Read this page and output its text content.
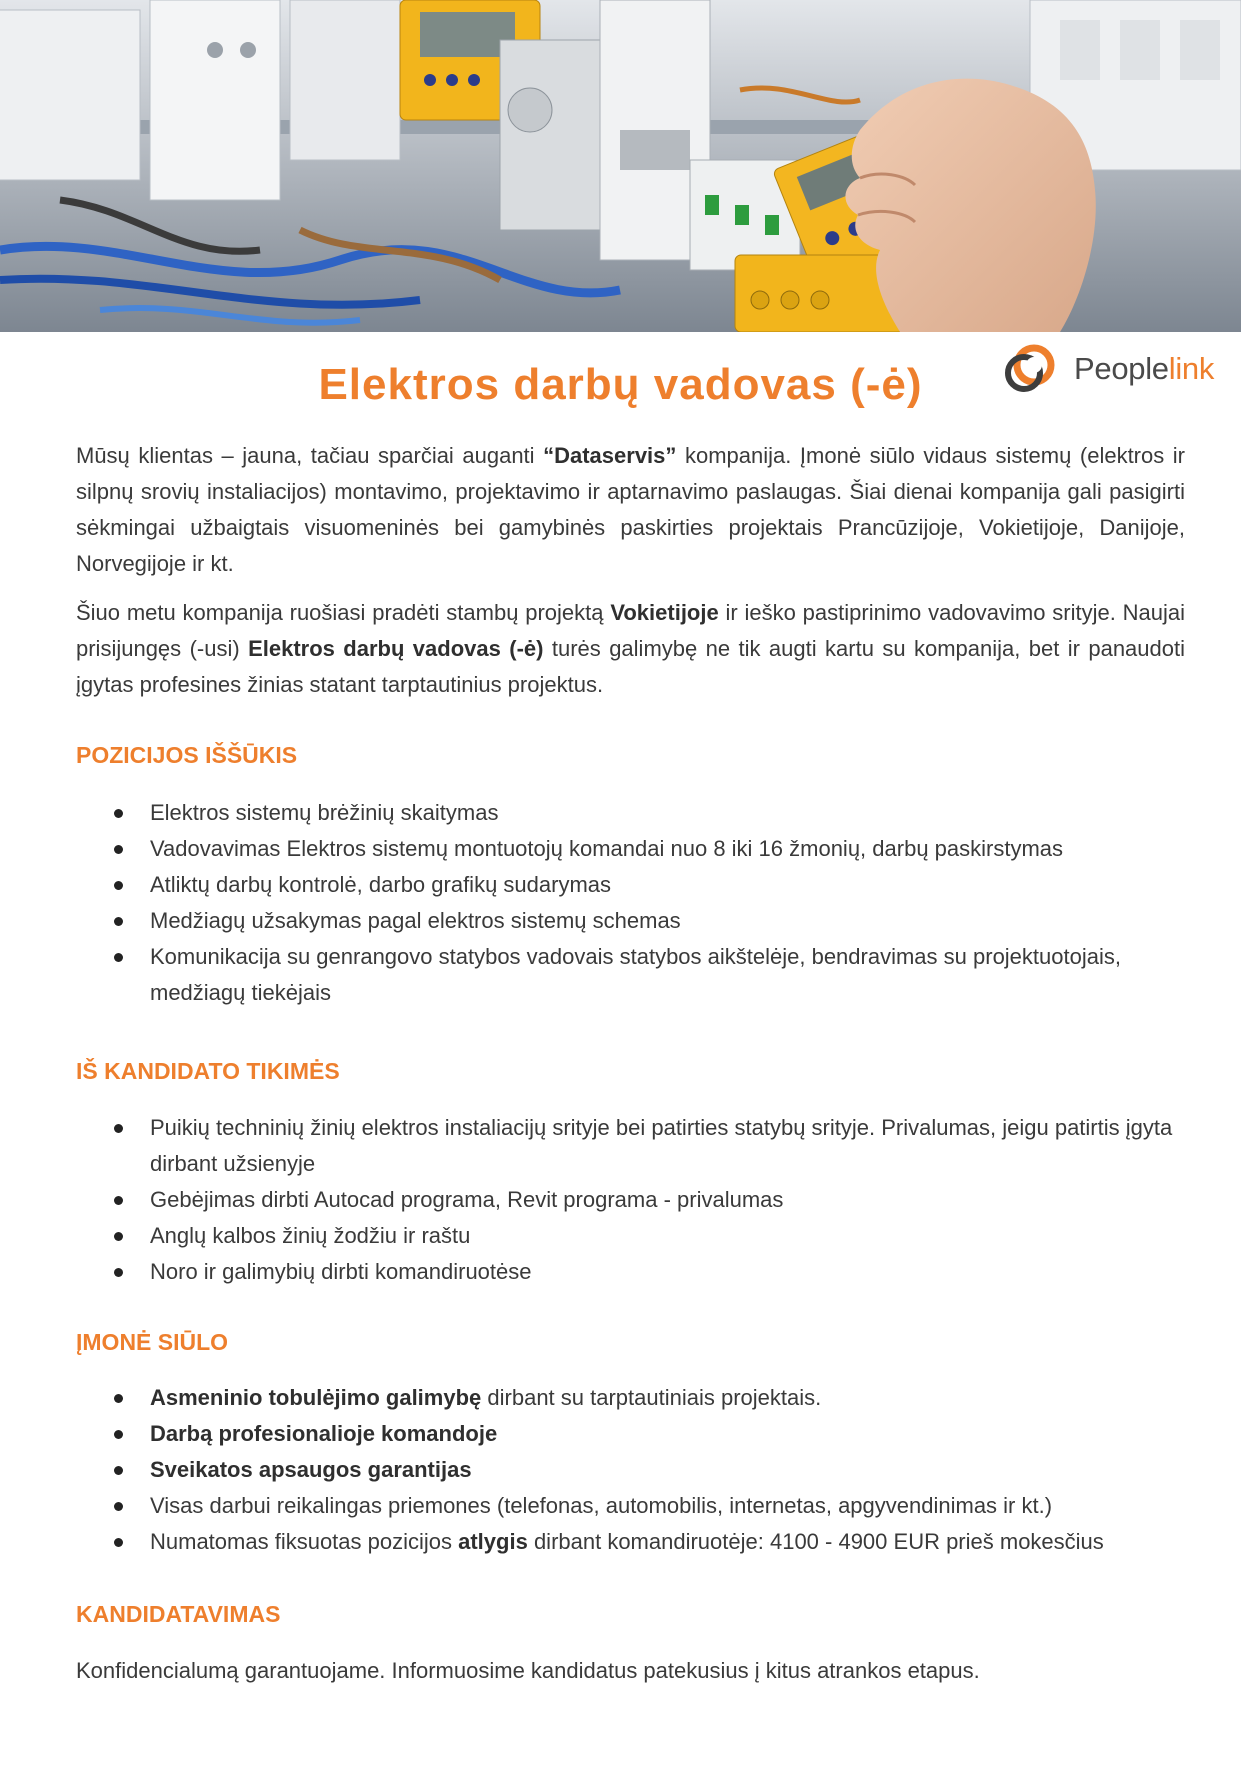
Peoplelink
Elektros darbų vadovas (-ė)

Mūsų klientas – jauna, tačiau sparčiai auganti “Dataservis” kompanija. Įmonė siūlo vidaus sistemų (elektros ir silpnų srovių instaliacijos) montavimo, projektavimo ir aptarnavimo paslaugas. Šiai dienai kompanija gali pasigirti sėkmingai užbaigtais visuomeninės bei gamybinės paskirties projektais Prancūzijoje, Vokietijoje, Danijoje, Norvegijoje ir kt.

Šiuo metu kompanija ruošiasi pradėti stambų projektą Vokietijoje ir ieško pastiprinimo vadovavimo srityje. Naujai prisijungęs (-usi) Elektros darbų vadovas (-ė) turės galimybę ne tik augti kartu su kompanija, bet ir panaudoti įgytas profesines žinias statant tarptautinius projektus.

POZICIJOS IŠŠŪKIS
Elektros sistemų brėžinių skaitymas
Vadovavimas Elektros sistemų montuotojų komandai nuo 8 iki 16 žmonių, darbų paskirstymas
Atliktų darbų kontrolė, darbo grafikų sudarymas
Medžiagų užsakymas pagal elektros sistemų schemas
Komunikacija su genrangovo statybos vadovais statybos aikštelėje, bendravimas su projektuotojais, medžiagų tiekėjais
IŠ KANDIDATO TIKIMĖS
Puikių techninių žinių elektros instaliacijų srityje bei patirties statybų srityje. Privalumas, jeigu patirtis įgyta dirbant užsienyje
Gebėjimas dirbti Autocad programa, Revit programa - privalumas
Anglų kalbos žinių žodžiu ir raštu
Noro ir galimybių dirbti komandiruotėse
ĮMONĖ SIŪLO
Asmeninio tobulėjimo galimybę dirbant su tarptautiniais projektais.
Darbą profesionalioje komandoje
Sveikatos apsaugos garantijas
Visas darbui reikalingas priemones (telefonas, automobilis, internetas, apgyvendinimas ir kt.)
Numatomas fiksuotas pozicijos atlygis dirbant komandiruotėje: 4100 - 4900 EUR prieš mokesčius
KANDIDATAVIMAS

Konfidencialumą garantuojame. Informuosime kandidatus patekusius į kitus atrankos etapus.
